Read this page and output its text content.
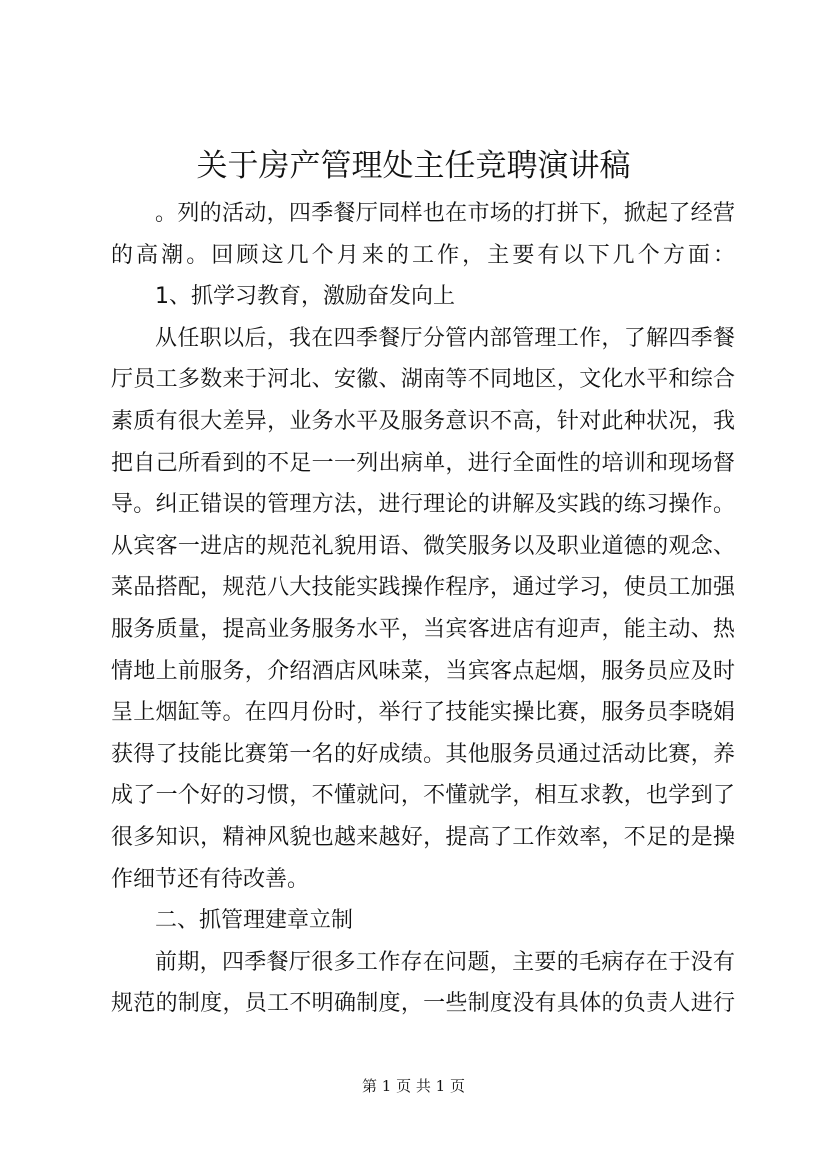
关于房产管理处主任竞聘演讲稿
。列的活动，四季餐厅同样也在市场的打拼下，掀起了经营
的高潮。回顾这几个月来的工作，主要有以下几个方面：
1、抓学习教育，激励奋发向上
从任职以后，我在四季餐厅分管内部管理工作，了解四季餐
厅员工多数来于河北、安徽、湖南等不同地区，文化水平和综合
素质有很大差异，业务水平及服务意识不高，针对此种状况，我
把自己所看到的不足一一列出病单，进行全面性的培训和现场督
导。纠正错误的管理方法，进行理论的讲解及实践的练习操作。
从宾客一进店的规范礼貌用语、微笑服务以及职业道德的观念、
菜品搭配，规范八大技能实践操作程序，通过学习，使员工加强
服务质量，提高业务服务水平，当宾客进店有迎声，能主动、热
情地上前服务，介绍酒店风味菜，当宾客点起烟，服务员应及时
呈上烟缸等。在四月份时，举行了技能实操比赛，服务员李晓娟
获得了技能比赛第一名的好成绩。其他服务员通过活动比赛，养
成了一个好的习惯，不懂就问，不懂就学，相互求教，也学到了
很多知识，精神风貌也越来越好，提高了工作效率，不足的是操
作细节还有待改善。
二、抓管理建章立制
前期，四季餐厅很多工作存在问题，主要的毛病存在于没有
规范的制度，员工不明确制度，一些制度没有具体的负责人进行
第 1 页 共 1 页
